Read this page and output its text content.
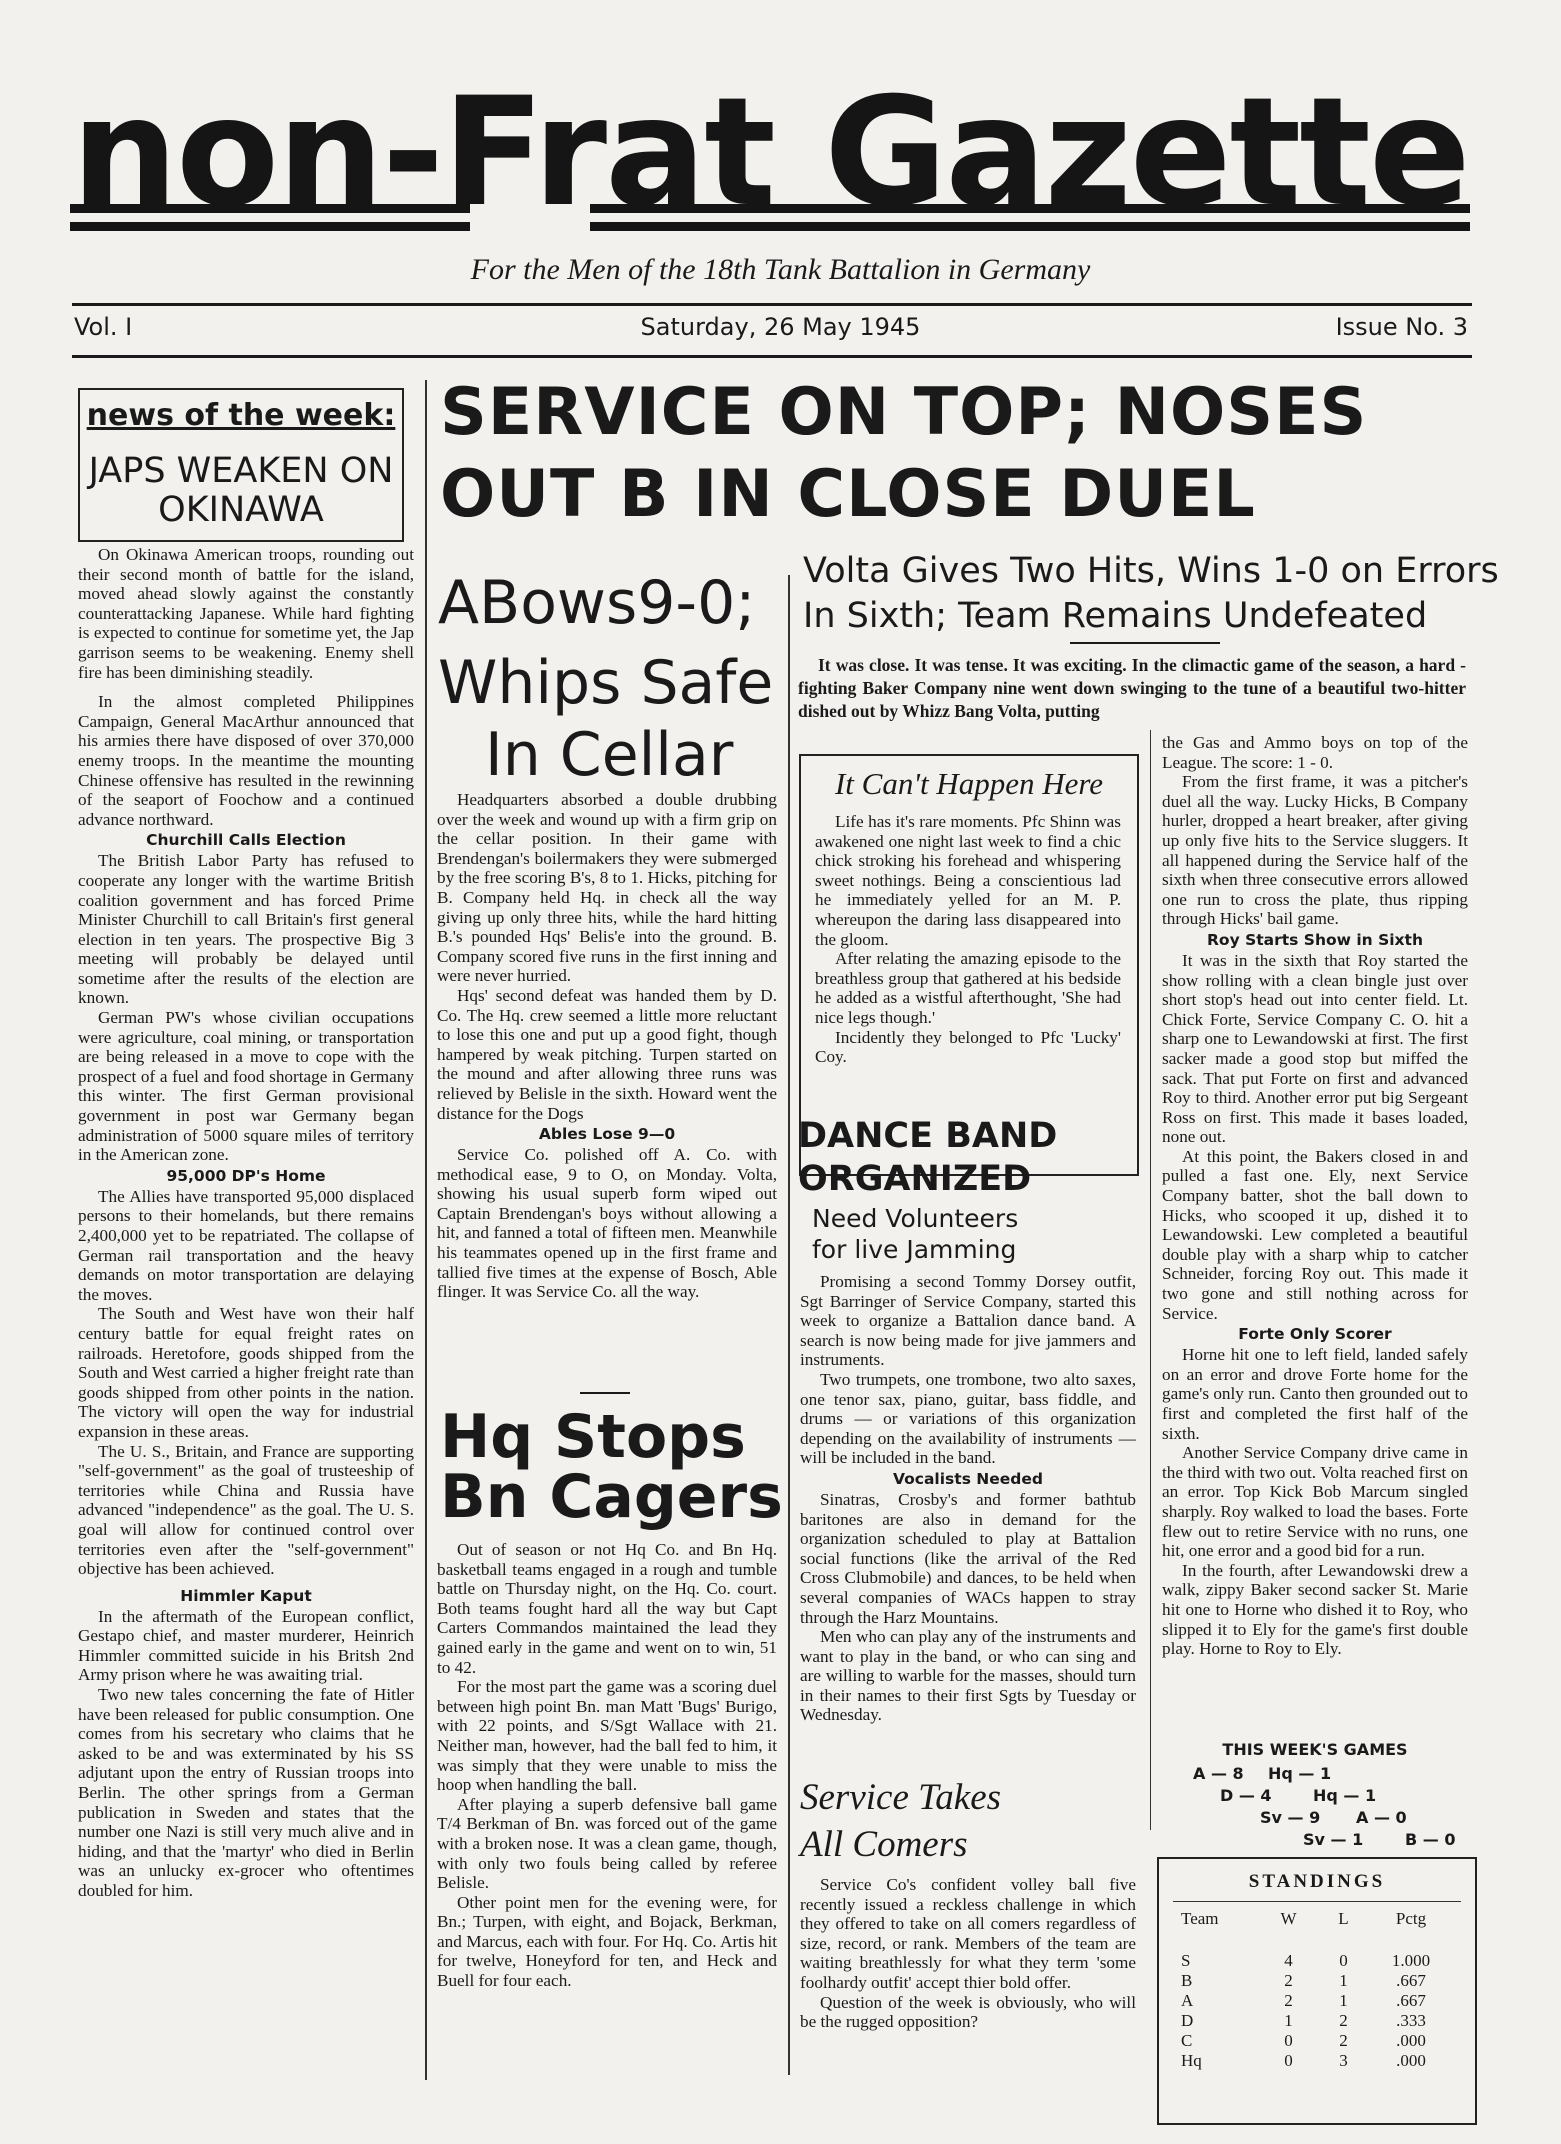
non-Frat Gazette
For the Men of the 18th Tank Battalion in Germany
Vol. I	Saturday, 26 May 1945	Issue No. 3
news of the week:
JAPS WEAKEN ON OKINAWA

On Okinawa American troops, rounding out their second month of battle for the island, moved ahead slowly against the constantly counterattacking Japanese. While hard fighting is expected to continue for sometime yet, the Jap garrison seems to be weakening. Enemy shell fire has been diminishing steadily.

In the almost completed Philippines Campaign, General MacArthur announced that his armies there have disposed of over 370,000 enemy troops. In the meantime the mounting Chinese offensive has resulted in the rewinning of the seaport of Foochow and a continued advance northward.

Churchill Calls Election

The British Labor Party has refused to cooperate any longer with the wartime British coalition government and has forced Prime Minister Churchill to call Britain's first general election in ten years. The prospective Big 3 meeting will probably be delayed until sometime after the results of the election are known.

German PW's whose civilian occupations were agriculture, coal mining, or transportation are being released in a move to cope with the prospect of a fuel and food shortage in Germany this winter. The first German provisional government in post war Germany began administration of 5000 square miles of territory in the American zone.

95,000 DP's Home

The Allies have transported 95,000 displaced persons to their homelands, but there remains 2,400,000 yet to be repatriated. The collapse of German rail transportation and the heavy demands on motor transportation are delaying the moves.

The South and West have won their half century battle for equal freight rates on railroads. Heretofore, goods shipped from the South and West carried a higher freight rate than goods shipped from other points in the nation. The victory will open the way for industrial expansion in these areas.

The U. S., Britain, and France are supporting "self-government" as the goal of trusteeship of territories while China and Russia have advanced "independence" as the goal. The U. S. goal will allow for continued control over territories even after the "self-government" objective has been achieved.

Himmler Kaput

In the aftermath of the European conflict, Gestapo chief, and master murderer, Heinrich Himmler committed suicide in his Britsh 2nd Army prison where he was awaiting trial.

Two new tales concerning the fate of Hitler have been released for public consumption. One comes from his secretary who claims that he asked to be and was exterminated by his SS adjutant upon the entry of Russian troops into Berlin. The other springs from a German publication in Sweden and states that the number one Nazi is still very much alive and in hiding, and that the 'martyr' who died in Berlin was an unlucky ex-grocer who oftentimes doubled for him.

SERVICE ON TOP; NOSES
OUT B IN CLOSE DUEL
Volta Gives Two Hits, Wins 1-0 on Errors
In Sixth; Team Remains Undefeated

It was close. It was tense. It was exciting. In the climactic game of the season, a hard - fighting Baker Company nine went down swinging to the tune of a beautiful two-hitter dished out by Whizz Bang Volta, putting

the Gas and Ammo boys on top of the League. The score: 1 - 0.

From the first frame, it was a pitcher's duel all the way. Lucky Hicks, B Company hurler, dropped a heart breaker, after giving up only five hits to the Service sluggers. It all happened during the Service half of the sixth when three consecutive errors allowed one run to cross the plate, thus ripping through Hicks' bail game.

Roy Starts Show in Sixth

It was in the sixth that Roy started the show rolling with a clean bingle just over short stop's head out into center field. Lt. Chick Forte, Service Company C. O. hit a sharp one to Lewandowski at first. The first sacker made a good stop but miffed the sack. That put Forte on first and advanced Roy to third. Another error put big Sergeant Ross on first. This made it bases loaded, none out.

At this point, the Bakers closed in and pulled a fast one. Ely, next Service Company batter, shot the ball down to Hicks, who scooped it up, dished it to Lewandowski. Lew completed a beautiful double play with a sharp whip to catcher Schneider, forcing Roy out. This made it two gone and still nothing across for Service.

Forte Only Scorer

Horne hit one to left field, landed safely on an error and drove Forte home for the game's only run. Canto then grounded out to first and completed the first half of the sixth.

Another Service Company drive came in the third with two out. Volta reached first on an error. Top Kick Bob Marcum singled sharply. Roy walked to load the bases. Forte flew out to retire Service with no runs, one hit, one error and a good bid for a run.

In the fourth, after Lewandowski drew a walk, zippy Baker second sacker St. Marie hit one to Horne who dished it to Roy, who slipped it to Ely for the game's first double play. Horne to Roy to Ely.

ABows9-0;
Whips Safe
In Cellar

Headquarters absorbed a double drubbing over the week and wound up with a firm grip on the cellar position. In their game with Brendengan's boilermakers they were submerged by the free scoring B's, 8 to 1. Hicks, pitching for B. Company held Hq. in check all the way giving up only three hits, while the hard hitting B.'s pounded Hqs' Belis'e into the ground. B. Company scored five runs in the first inning and were never hurried.

Hqs' second defeat was handed them by D. Co. The Hq. crew seemed a little more reluctant to lose this one and put up a good fight, though hampered by weak pitching. Turpen started on the mound and after allowing three runs was relieved by Belisle in the sixth. Howard went the distance for the Dogs

Ables Lose 9—0

Service Co. polished off A. Co. with methodical ease, 9 to O, on Monday. Volta, showing his usual superb form wiped out Captain Brendengan's boys without allowing a hit, and fanned a total of fifteen men. Meanwhile his teammates opened up in the first frame and tallied five times at the expense of Bosch, Able flinger. It was Service Co. all the way.

Hq Stops
Bn Cagers

Out of season or not Hq Co. and Bn Hq. basketball teams engaged in a rough and tumble battle on Thursday night, on the Hq. Co. court. Both teams fought hard all the way but Capt Carters Commandos maintained the lead they gained early in the game and went on to win, 51 to 42.

For the most part the game was a scoring duel between high point Bn. man Matt 'Bugs' Burigo, with 22 points, and S/Sgt Wallace with 21. Neither man, however, had the ball fed to him, it was simply that they were unable to miss the hoop when handling the ball.

After playing a superb defensive ball game T/4 Berkman of Bn. was forced out of the game with a broken nose. It was a clean game, though, with only two fouls being called by referee Belisle.

Other point men for the evening were, for Bn.; Turpen, with eight, and Bojack, Berkman, and Marcus, each with four. For Hq. Co. Artis hit for twelve, Honeyford for ten, and Heck and Buell for four each.

It Can't Happen Here

Life has it's rare moments. Pfc Shinn was awakened one night last week to find a chic chick stroking his forehead and whispering sweet nothings. Being a conscientious lad he immediately yelled for an M. P. whereupon the daring lass disappeared into the gloom.

After relating the amazing episode to the breathless group that gathered at his bedside he added as a wistful afterthought, 'She had nice legs though.'

Incidently they belonged to Pfc 'Lucky' Coy.

DANCE BAND
ORGANIZED
Need Volunteers
for live Jamming

Promising a second Tommy Dorsey outfit, Sgt Barringer of Service Company, started this week to organize a Battalion dance band. A search is now being made for jive jammers and instruments.

Two trumpets, one trombone, two alto saxes, one tenor sax, piano, guitar, bass fiddle, and drums — or variations of this organization depending on the availability of instruments — will be included in the band.

Vocalists Needed

Sinatras, Crosby's and former bathtub baritones are also in demand for the organization scheduled to play at Battalion social functions (like the arrival of the Red Cross Clubmobile) and dances, to be held when several companies of WACs happen to stray through the Harz Mountains.

Men who can play any of the instruments and want to play in the band, or who can sing and are willing to warble for the masses, should turn in their names to their first Sgts by Tuesday or Wednesday.

Service Takes
All Comers

Service Co's confident volley ball five recently issued a reckless challenge in which they offered to take on all comers regardless of size, record, or rank. Members of the team are waiting breathlessly for what they term 'some foolhardy outfit' accept thier bold offer.

Question of the week is obviously, who will be the rugged opposition?

THIS WEEK'S GAMES
A — 8 Hq — 1
D — 4	Hq — 1
Sv — 9 A — 0
Sv — 1	B — 0
STANDINGS
Team	W	L	Pctg

S	4	0	1.000
B	2	1	.667
A	2	1	.667
D	1	2	.333
C	0	2	.000
Hq	0	3	.000
